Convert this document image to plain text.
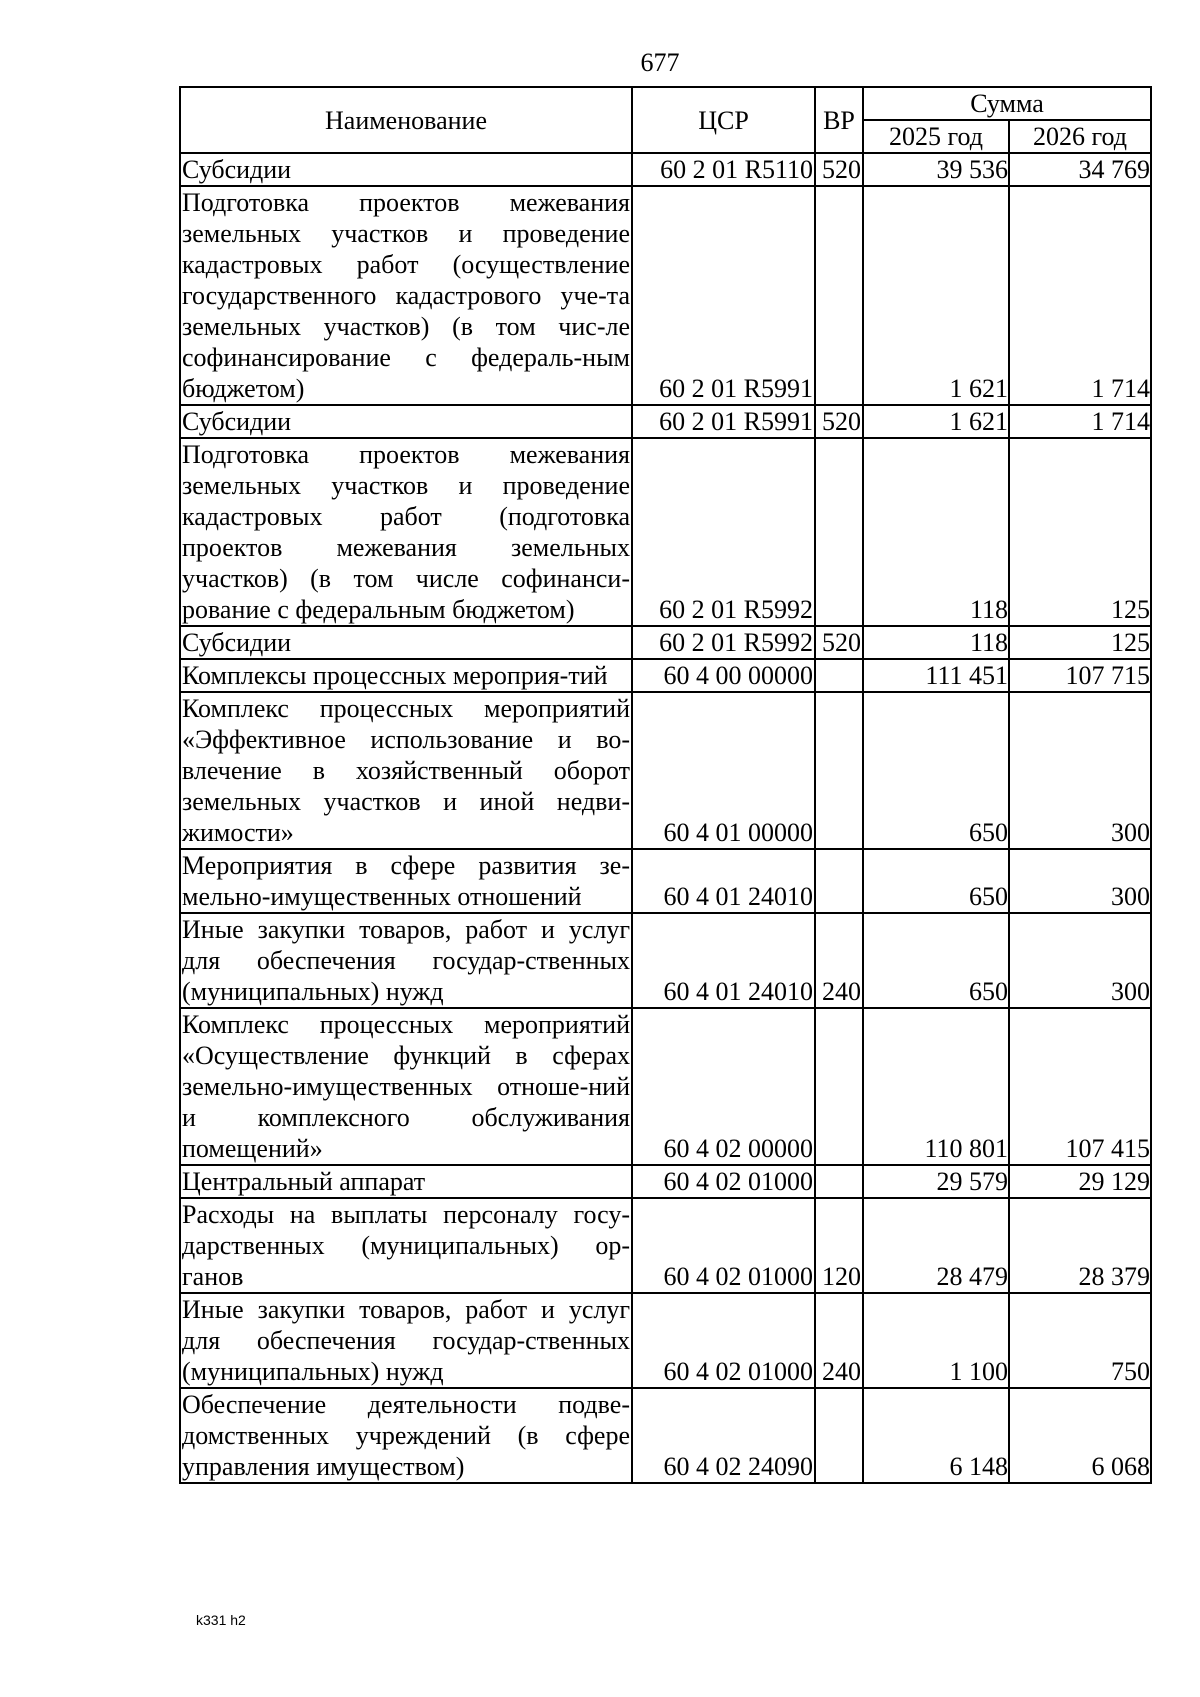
677
Наименование	ЦСР	ВР	Сумма	
			2025 год	2026 год
Субсидии	60 2 01 R5110	520	39 536	34 769
Подготовка проектов межевания земельных участков и проведение кадастровых работ (осуществление государственного кадастрового уче-та земельных участков) (в том чис-ле софинансирование с федераль-ным бюджетом)	60 2 01 R5991		1 621	1 714
Субсидии	60 2 01 R5991	520	1 621	1 714
Подготовка проектов межевания земельных участков и проведение кадастровых работ (подготовка проектов межевания земельных участков) (в том числе софинанси-рование с федеральным бюджетом)	60 2 01 R5992		118	125
Субсидии	60 2 01 R5992	520	118	125
Комплексы процессных мероприя-тий	60 4 00 00000		111 451	107 715
Комплекс процессных мероприятий «Эффективное использование и во-влечение в хозяйственный оборот земельных участков и иной недви-жимости»	60 4 01 00000		650	300
Мероприятия в сфере развития зе-мельно-имущественных отношений	60 4 01 24010		650	300
Иные закупки товаров, работ и услуг для обеспечения государ-ственных (муниципальных) нужд	60 4 01 24010	240	650	300
Комплекс процессных мероприятий «Осуществление функций в сферах земельно-имущественных отноше-ний и комплексного обслуживания помещений»	60 4 02 00000		110 801	107 415
Центральный аппарат	60 4 02 01000		29 579	29 129
Расходы на выплаты персоналу госу-дарственных (муниципальных) ор-ганов	60 4 02 01000	120	28 479	28 379
Иные закупки товаров, работ и услуг для обеспечения государ-ственных (муниципальных) нужд	60 4 02 01000	240	1 100	750
Обеспечение деятельности подве-домственных учреждений (в сфере управления имуществом)	60 4 02 24090		6 148	6 068
k331 h2
